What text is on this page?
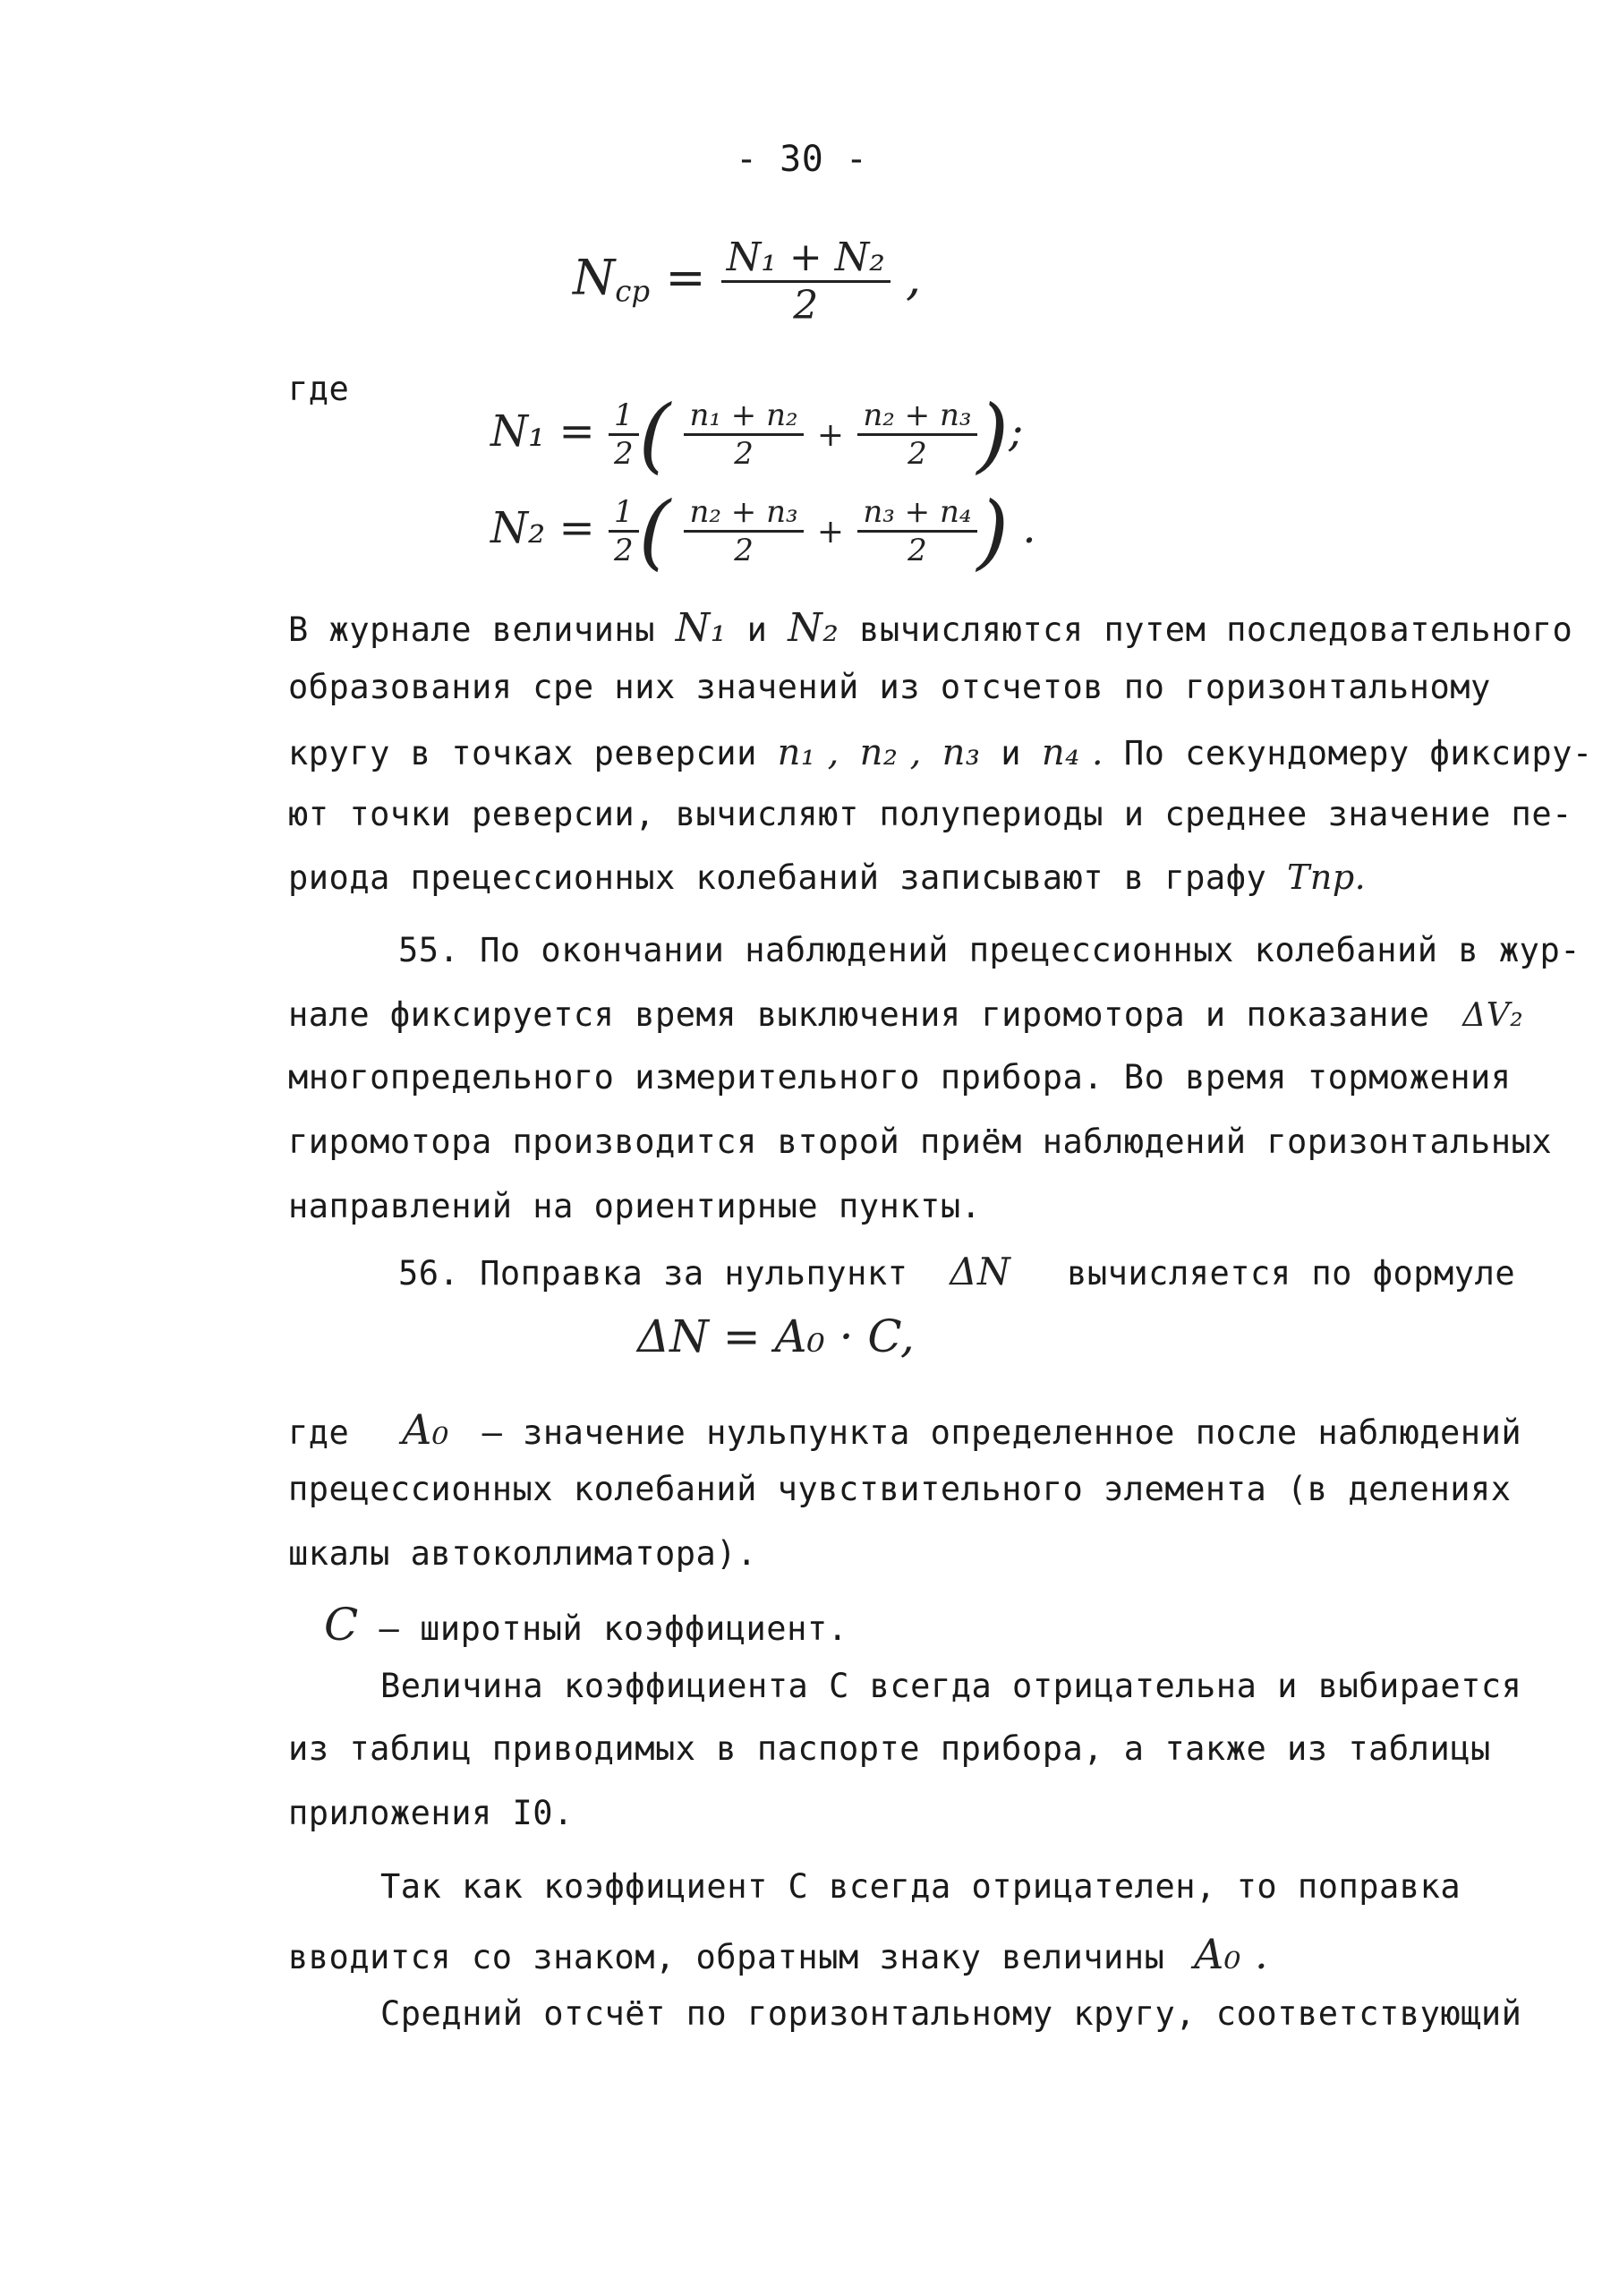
- 30 -
$N_{ср} = \frac{\text{N₁ + N₂}}{2}$ ,
где
$N_1 = \frac{1}{2}$ ( $\frac{\text{n₁ + n₂}}{2} + \frac{\text{n₂ + n₃}}{2}$ );
$N_2 = \frac{1}{2}$ ( $\frac{\text{n₂ + n₃}}{2} + \frac{\text{n₃ + n₄}}{2}$ ) .
В журнале величины N₁ и N₂ вычисляются путем последовательного
образования сре них значений из отсчетов по горизонтальному
кругу в точках реверсии n₁ , n₂ , n₃ и n₄ . По секундомеру фиксиру-
ют точки реверсии, вычисляют полупериоды и среднее значение пе-
риода прецессионных колебаний записывают в графу Tпр.
55. По окончании наблюдений прецессионных колебаний в жур-
нале фиксируется время выключения гиромотора и показание ΔV₂
многопредельного измерительного прибора. Во время торможения
гиромотора производится второй приём наблюдений горизонтальных
направлений на ориентирные пункты.
56. Поправка за нульпункт ΔN вычисляется по формуле
ΔN = A₀ · C,
где A₀ – значение нульпункта определенное после наблюдений
прецессионных колебаний чувствительного элемента (в делениях
шкалы автоколлиматора).
C – широтный коэффициент.
Величина коэффициента С всегда отрицательна и выбирается
из таблиц приводимых в паспорте прибора, а также из таблицы
приложения I0.
Так как коэффициент С всегда отрицателен, то поправка
вводится со знаком, обратным знаку величины A₀ .
Средний отсчёт по горизонтальному кругу, соответствующий
